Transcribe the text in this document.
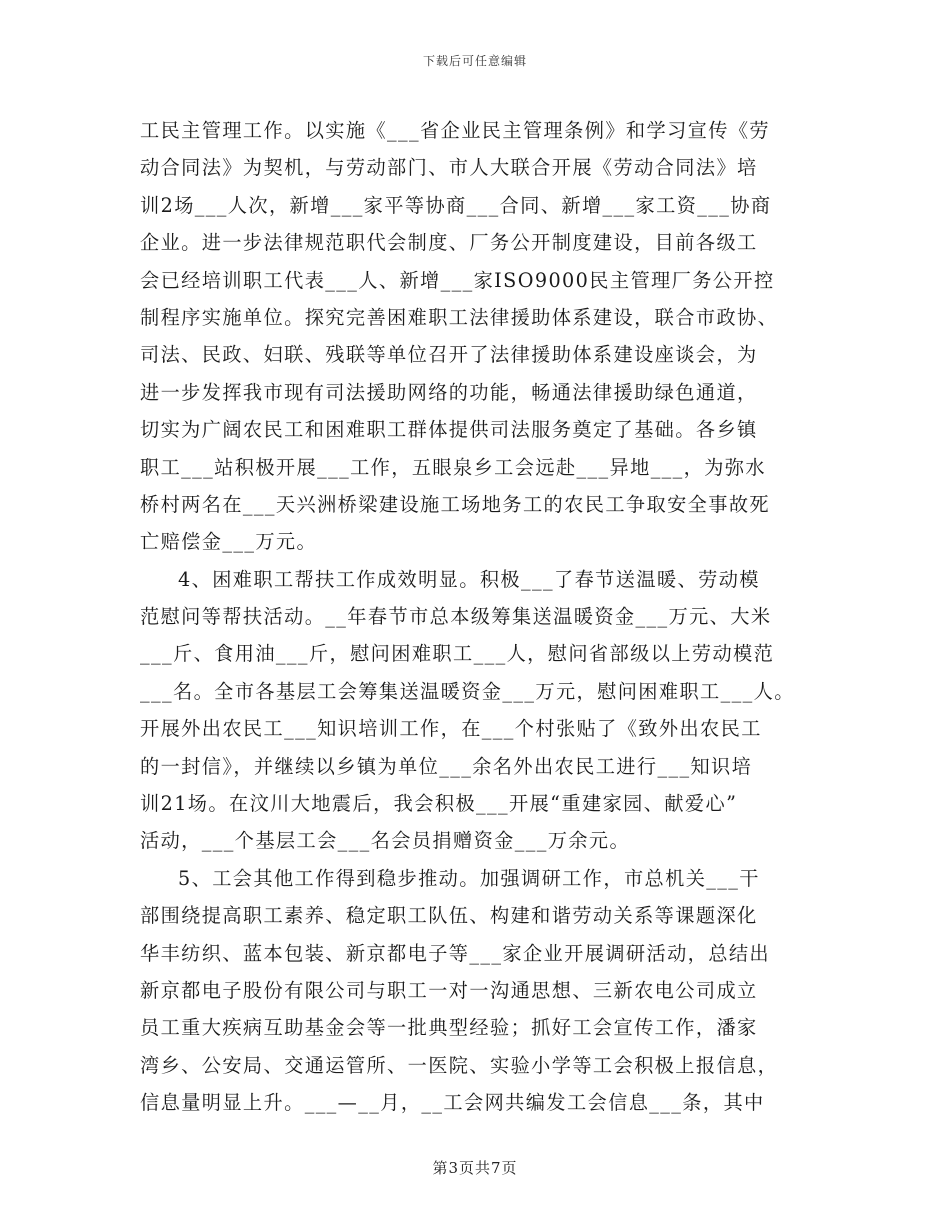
下载后可任意编辑
工民主管理工作。以实施《___省企业民主管理条例》和学习宣传《劳
动合同法》为契机，与劳动部门、市人大联合开展《劳动合同法》培
训2场___人次，新增___家平等协商___合同、新增___家工资___协商
企业。进一步法律规范职代会制度、厂务公开制度建设，目前各级工
会已经培训职工代表___人、新增___家ISO9000民主管理厂务公开控
制程序实施单位。探究完善困难职工法律援助体系建设，联合市政协、
司法、民政、妇联、残联等单位召开了法律援助体系建设座谈会，为
进一步发挥我市现有司法援助网络的功能，畅通法律援助绿色通道，
切实为广阔农民工和困难职工群体提供司法服务奠定了基础。各乡镇
职工___站积极开展___工作，五眼泉乡工会远赴___异地___，为弥水
桥村两名在___天兴洲桥梁建设施工场地务工的农民工争取安全事故死
亡赔偿金___万元。
4、困难职工帮扶工作成效明显。积极___了春节送温暖、劳动模
范慰问等帮扶活动。__年春节市总本级筹集送温暖资金___万元、大米
___斤、食用油___斤，慰问困难职工___人，慰问省部级以上劳动模范
___名。全市各基层工会筹集送温暖资金___万元，慰问困难职工___人。
开展外出农民工___知识培训工作，在___个村张贴了《致外出农民工
的一封信》，并继续以乡镇为单位___余名外出农民工进行___知识培
训21场。在汶川大地震后，我会积极___开展“重建家园、献爱心”
活动，___个基层工会___名会员捐赠资金___万余元。
5、工会其他工作得到稳步推动。加强调研工作，市总机关___干
部围绕提高职工素养、稳定职工队伍、构建和谐劳动关系等课题深化
华丰纺织、蓝本包装、新京都电子等___家企业开展调研活动，总结出
新京都电子股份有限公司与职工一对一沟通思想、三新农电公司成立
员工重大疾病互助基金会等一批典型经验；抓好工会宣传工作，潘家
湾乡、公安局、交通运管所、一医院、实验小学等工会积极上报信息，
信息量明显上升。___—__月，__工会网共编发工会信息___条，其中
第3页共7页
